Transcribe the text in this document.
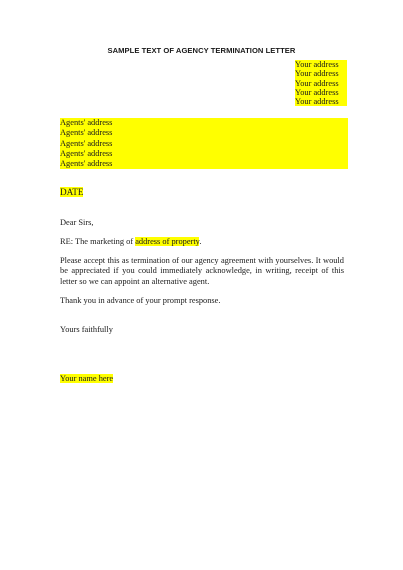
SAMPLE TEXT OF AGENCY TERMINATION LETTER
Your address
Your address
Your address
Your address
Your address
Agents' address
Agents' address
Agents' address
Agents' address
Agents' address
DATE
Dear Sirs,
RE: The marketing of address of property.
Please accept this as termination of our agency agreement with yourselves. It would be appreciated if you could immediately acknowledge, in writing, receipt of this letter so we can appoint an alternative agent.
Thank you in advance of your prompt response.
Yours faithfully
Your name here
